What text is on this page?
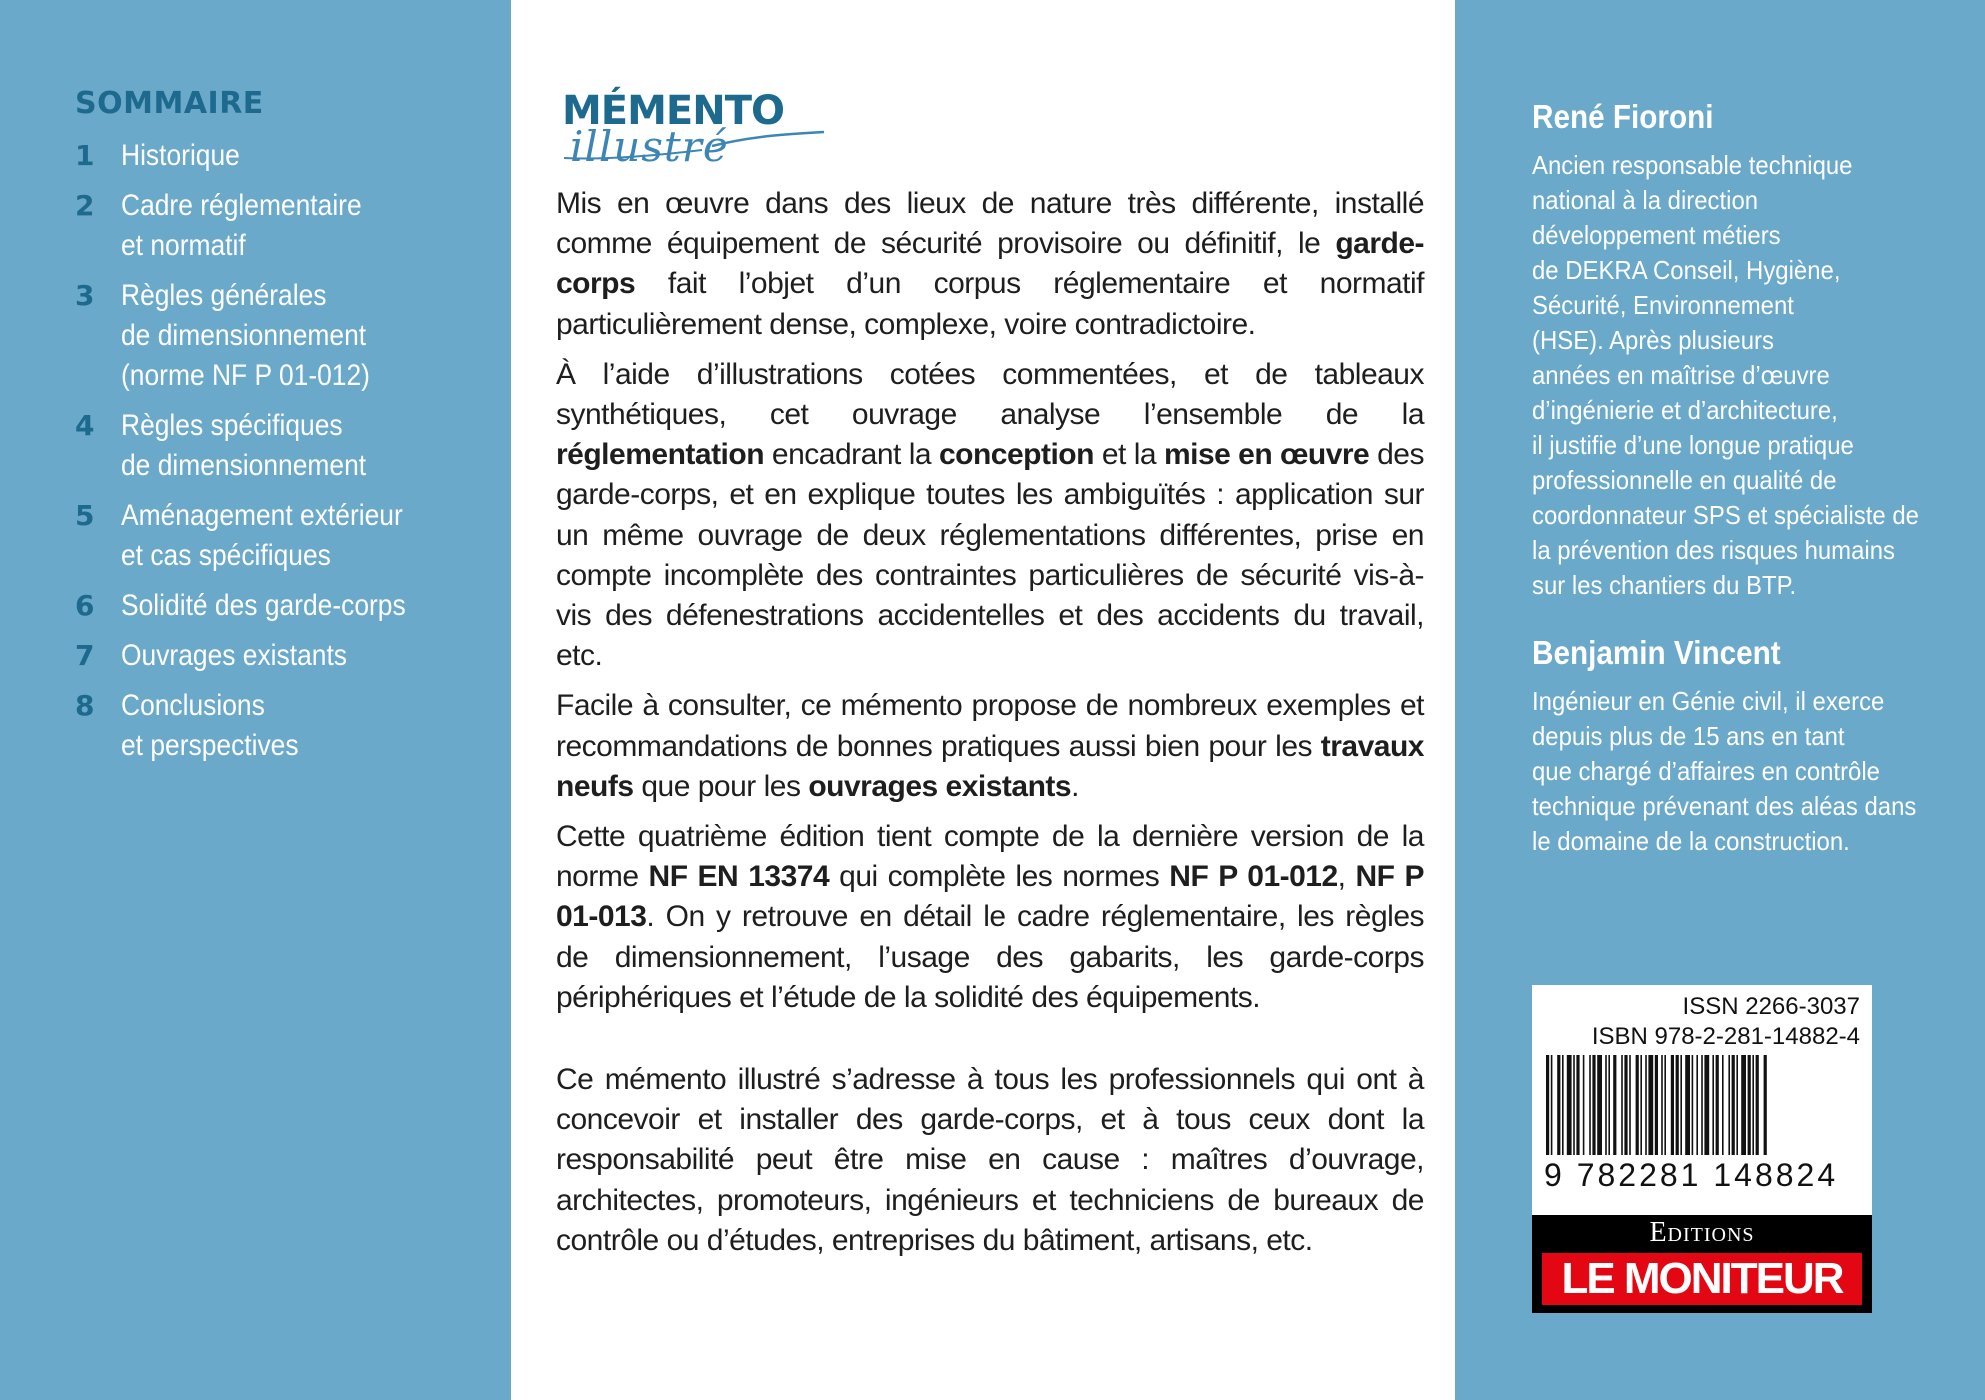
SOMMAIRE
1 Historique
2 Cadre réglementaire
et normatif
3 Règles générales
de dimensionnement
(norme NF P 01-012)
4 Règles spécifiques
de dimensionnement
5 Aménagement extérieur
et cas spécifiques
6 Solidité des garde-corps
7 Ouvrages existants
8 Conclusions
et perspectives
MÉMENTO
illustré

Mis en œuvre dans des lieux de nature très différente, installé comme équipement de sécurité provisoire ou définitif, le garde-corps fait l’objet d’un corpus réglementaire et normatif particulièrement dense, complexe, voire contradictoire.

À l’aide d’illustrations cotées commentées, et de tableaux synthétiques, cet ouvrage analyse l’ensemble de la réglementation encadrant la conception et la mise en œuvre des garde-corps, et en explique toutes les ambiguïtés : application sur un même ouvrage de deux réglementations différentes, prise en compte incomplète des contraintes particulières de sécurité vis-à-vis des défenestrations accidentelles et des accidents du travail, etc.

Facile à consulter, ce mémento propose de nombreux exemples et recommandations de bonnes pratiques aussi bien pour les travaux neufs que pour les ouvrages existants.

Cette quatrième édition tient compte de la dernière version de la norme NF EN 13374 qui complète les normes NF P 01-012, NF P 01-013. On y retrouve en détail le cadre réglementaire, les règles de dimensionnement, l’usage des gabarits, les garde-corps périphériques et l’étude de la solidité des équipements.

Ce mémento illustré s’adresse à tous les professionnels qui ont à concevoir et installer des garde-corps, et à tous ceux dont la responsabilité peut être mise en cause : maîtres d’ouvrage, architectes, promoteurs, ingénieurs et techniciens de bureaux de contrôle ou d’études, entreprises du bâtiment, artisans, etc.

René Fioroni

Ancien responsable technique
national à la direction
développement métiers
de DEKRA Conseil, Hygiène,
Sécurité, Environnement
(HSE). Après plusieurs
années en maîtrise d’œuvre
d’ingénierie et d’architecture,
il justifie d’une longue pratique
professionnelle en qualité de
coordonnateur SPS et spécialiste de
la prévention des risques humains
sur les chantiers du BTP.

Benjamin Vincent

Ingénieur en Génie civil, il exerce
depuis plus de 15 ans en tant
que chargé d’affaires en contrôle
technique prévenant des aléas dans
le domaine de la construction.

ISSN 2266-3037

ISBN 978-2-281-14882-4

9 782281 148824

Editions

LE MONITEUR
